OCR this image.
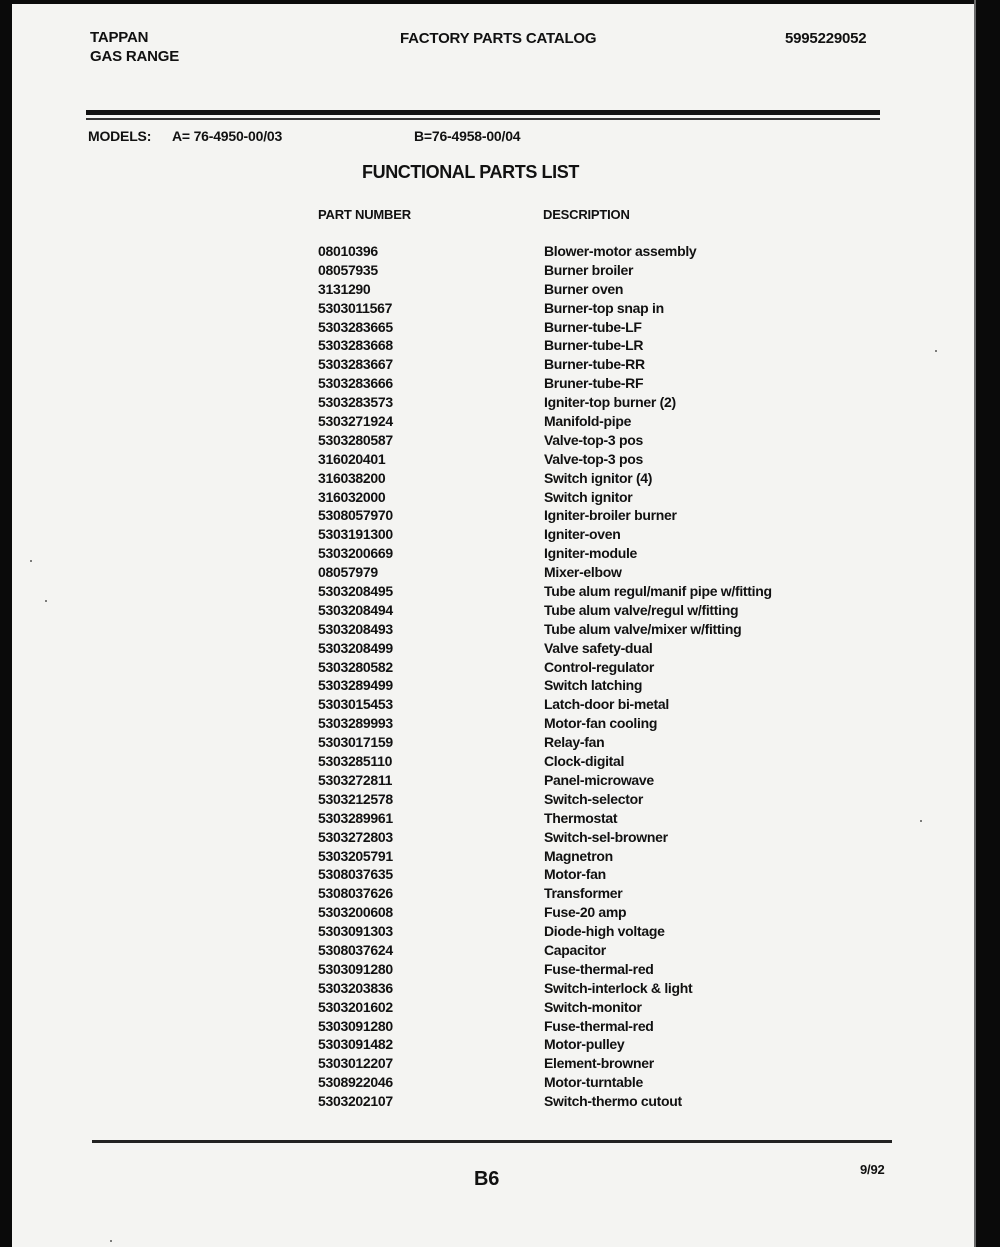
TAPPAN
GAS RANGE
FACTORY PARTS CATALOG	5995229052
MODELS: A= 76-4950-00/03	B=76-4958-00/04
FUNCTIONAL PARTS LIST
PART NUMBER	DESCRIPTION
08010396	Blower-motor assembly
08057935	Burner broiler
3131290	Burner oven
5303011567	Burner-top snap in
5303283665	Burner-tube-LF
5303283668	Burner-tube-LR
5303283667	Burner-tube-RR
5303283666	Bruner-tube-RF
5303283573	Igniter-top burner (2)
5303271924	Manifold-pipe
5303280587	Valve-top-3 pos
316020401	Valve-top-3 pos
316038200	Switch ignitor (4)
316032000	Switch ignitor
5308057970	Igniter-broiler burner
5303191300	Igniter-oven
5303200669	Igniter-module
08057979	Mixer-elbow
5303208495	Tube alum regul/manif pipe w/fitting
5303208494	Tube alum valve/regul w/fitting
5303208493	Tube alum valve/mixer w/fitting
5303208499	Valve safety-dual
5303280582	Control-regulator
5303289499	Switch latching
5303015453	Latch-door bi-metal
5303289993	Motor-fan cooling
5303017159	Relay-fan
5303285110	Clock-digital
5303272811	Panel-microwave
5303212578	Switch-selector
5303289961	Thermostat
5303272803	Switch-sel-browner
5303205791	Magnetron
5308037635	Motor-fan
5308037626	Transformer
5303200608	Fuse-20 amp
5303091303	Diode-high voltage
5308037624	Capacitor
5303091280	Fuse-thermal-red
5303203836	Switch-interlock & light
5303201602	Switch-monitor
5303091280	Fuse-thermal-red
5303091482	Motor-pulley
5303012207	Element-browner
5308922046	Motor-turntable
5303202107	Switch-thermo cutout
B6	9/92
